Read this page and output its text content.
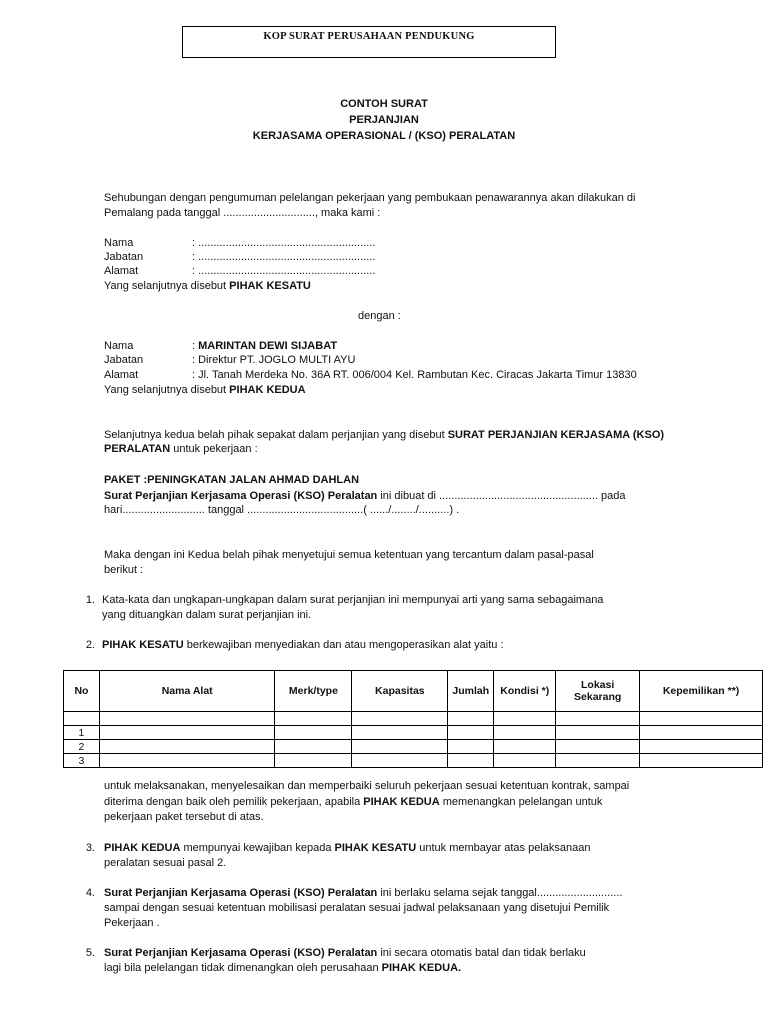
KOP SURAT PERUSAHAAN PENDUKUNG
CONTOH SURAT
PERJANJIAN
KERJASAMA OPERASIONAL / (KSO) PERALATAN
Sehubungan dengan pengumuman pelelangan pekerjaan yang pembukaan penawarannya akan dilakukan di
Pemalang pada tanggal .............................., maka kami :
Nama	: ..........................................................
Jabatan	: ..........................................................
Alamat	: ..........................................................
Yang selanjutnya disebut PIHAK KESATU
dengan :
Nama	: MARINTAN DEWI SIJABAT
Jabatan	: Direktur PT. JOGLO MULTI AYU
Alamat	: Jl. Tanah Merdeka No. 36A RT. 006/004 Kel. Rambutan Kec. Ciracas Jakarta Timur 13830
Yang selanjutnya disebut PIHAK KEDUA
Selanjutnya kedua belah pihak sepakat dalam perjanjian yang disebut SURAT PERJANJIAN KERJASAMA (KSO)
PERALATAN untuk pekerjaan :
PAKET :PENINGKATAN JALAN AHMAD DAHLAN
Surat Perjanjian Kerjasama Operasi (KSO) Peralatan ini dibuat di .................................................... pada
hari........................... tanggal ......................................( ....../......../..........) .
Maka dengan ini Kedua belah pihak menyetujui semua ketentuan yang tercantum dalam pasal-pasal
berikut :
1. Kata-kata dan ungkapan-ungkapan dalam surat perjanjian ini mempunyai arti yang sama sebagaimana
yang dituangkan dalam surat perjanjian ini.
2. PIHAK KESATU berkewajiban menyediakan dan atau mengoperasikan alat yaitu :
No	Nama Alat	Merk/type	Kapasitas	Jumlah	Kondisi *)	Lokasi Sekarang	Kepemilikan **)

1							
2							
3							
untuk melaksanakan, menyelesaikan dan memperbaiki seluruh pekerjaan sesuai ketentuan kontrak, sampai
diterima dengan baik oleh pemilik pekerjaan, apabila PIHAK KEDUA memenangkan pelelangan untuk
pekerjaan paket tersebut di atas.
3. PIHAK KEDUA mempunyai kewajiban kepada PIHAK KESATU untuk membayar atas pelaksanaan
peralatan sesuai pasal 2.
4. Surat Perjanjian Kerjasama Operasi (KSO) Peralatan ini berlaku selama sejak tanggal............................
sampai dengan sesuai ketentuan mobilisasi peralatan sesuai jadwal pelaksanaan yang disetujui Pemilik
Pekerjaan .
5. Surat Perjanjian Kerjasama Operasi (KSO) Peralatan ini secara otomatis batal dan tidak berlaku
lagi bila pelelangan tidak dimenangkan oleh perusahaan PIHAK KEDUA.
